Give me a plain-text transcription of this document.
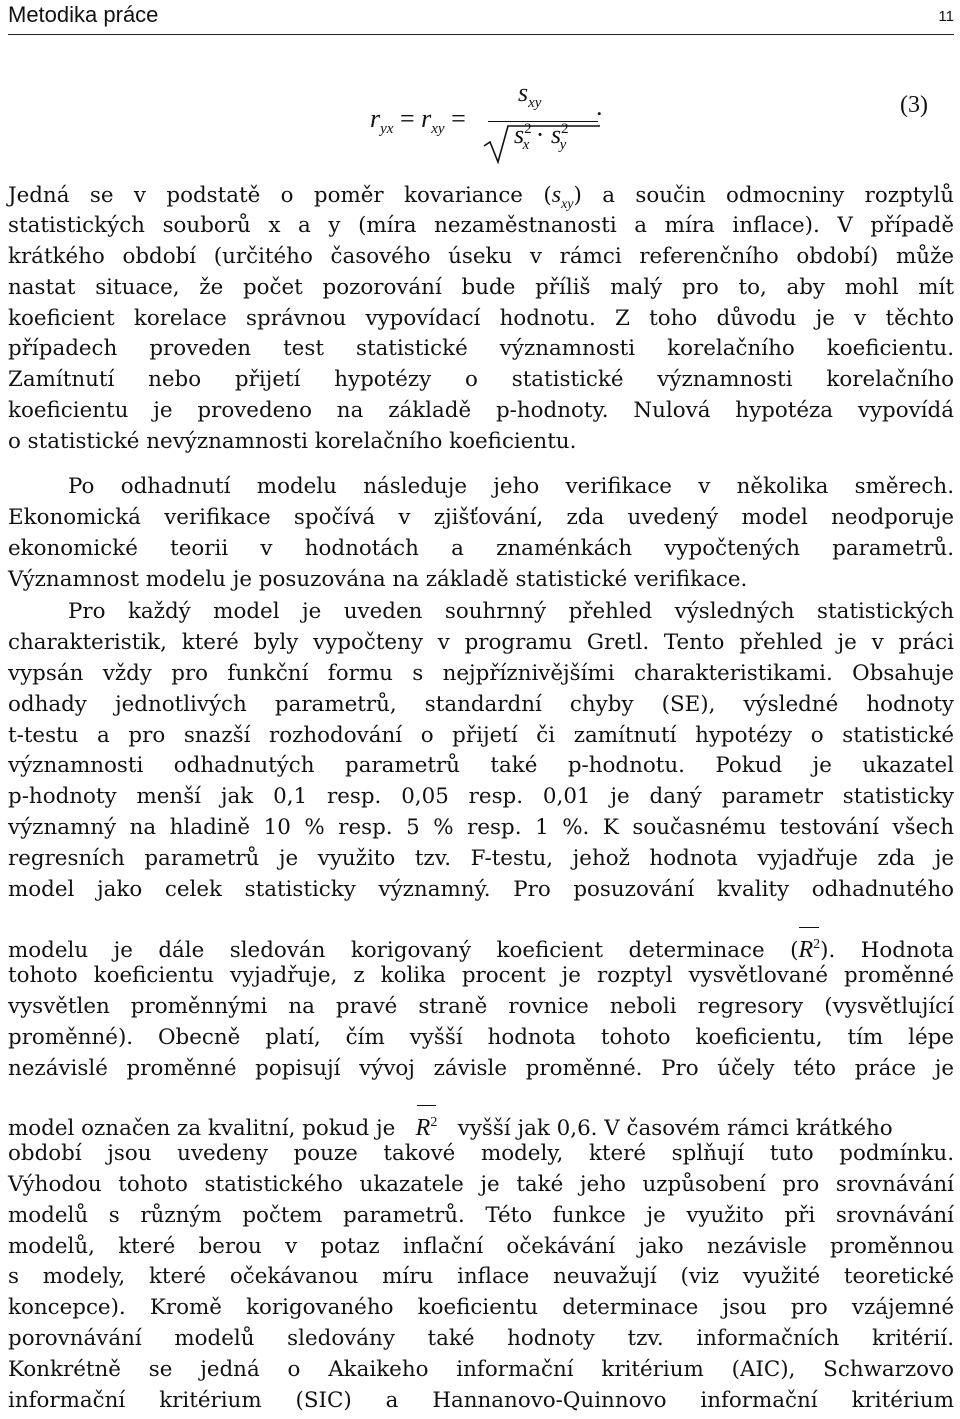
Metodika práce	11
$r_{yx} = r_{xy}$ =
$s_{xy}$
$s^2_x \cdot s^2_y$
.	(3)
Jedná se v podstatě o poměr kovariance $(s_{xy})$ a součin odmocniny rozptylů
statistických souborů x a y (míra nezaměstnanosti a míra inflace). V případě
krátkého období (určitého časového úseku v rámci referenčního období) může
nastat situace, že počet pozorování bude příliš malý pro to, aby mohl mít
koeficient korelace správnou vypovídací hodnotu. Z toho důvodu je v těchto
případech proveden test statistické významnosti korelačního koeficientu.
Zamítnutí nebo přijetí hypotézy o statistické významnosti korelačního
koeficientu je provedeno na základě p-hodnoty. Nulová hypotéza vypovídá
o statistické nevýznamnosti korelačního koeficientu.
Po odhadnutí modelu následuje jeho verifikace v několika směrech.
Ekonomická verifikace spočívá v zjišťování, zda uvedený model neodporuje
ekonomické teorii v hodnotách a znaménkách vypočtených parametrů.
Významnost modelu je posuzována na základě statistické verifikace.
Pro každý model je uveden souhrnný přehled výsledných statistických
charakteristik, které byly vypočteny v programu Gretl. Tento přehled je v práci
vypsán vždy pro funkční formu s nejpříznivějšími charakteristikami. Obsahuje
odhady jednotlivých parametrů, standardní chyby (SE), výsledné hodnoty
t-testu a pro snazší rozhodování o přijetí či zamítnutí hypotézy o statistické
významnosti odhadnutých parametrů také p-hodnotu. Pokud je ukazatel
p-hodnoty menší jak 0,1 resp. 0,05 resp. 0,01 je daný parametr statisticky
významný na hladině 10 % resp. 5 % resp. 1 %. K současnému testování všech
regresních parametrů je využito tzv. F-testu, jehož hodnota vyjadřuje zda je
model jako celek statisticky významný. Pro posuzování kvality odhadnutého
modelu je dále sledován korigovaný koeficient determinace $(R^2)$. Hodnota
tohoto koeficientu vyjadřuje, z kolika procent je rozptyl vysvětlované proměnné
vysvětlen proměnnými na pravé straně rovnice neboli regresory (vysvětlující
proměnné). Obecně platí, čím vyšší hodnota tohoto koeficientu, tím lépe
nezávislé proměnné popisují vývoj závisle proměnné. Pro účely této práce je
model označen za kvalitní, pokud je $R^2$ vyšší jak 0,6. V časovém rámci krátkého
období jsou uvedeny pouze takové modely, které splňují tuto podmínku.
Výhodou tohoto statistického ukazatele je také jeho uzpůsobení pro srovnávání
modelů s různým počtem parametrů. Této funkce je využito při srovnávání
modelů, které berou v potaz inflační očekávání jako nezávisle proměnnou
s modely, které očekávanou míru inflace neuvažují (viz využité teoretické
koncepce). Kromě korigovaného koeficientu determinace jsou pro vzájemné
porovnávání modelů sledovány také hodnoty tzv. informačních kritérií.
Konkrétně se jedná o Akaikeho informační kritérium (AIC), Schwarzovo
informační kritérium (SIC) a Hannanovo-Quinnovo informační kritérium
